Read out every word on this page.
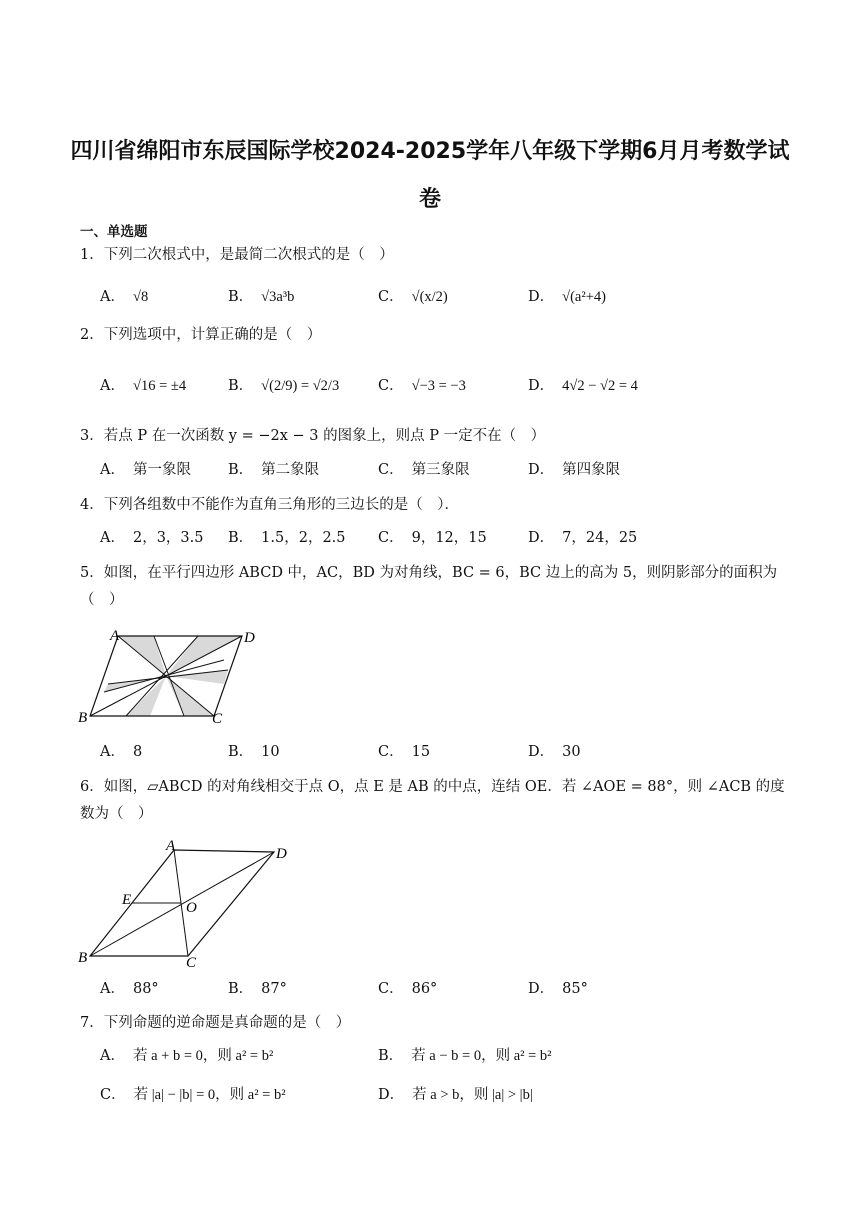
四川省绵阳市东辰国际学校2024-2025学年八年级下学期6月月考数学试
卷
一、单选题
1．下列二次根式中，是最简二次根式的是（　）
A． √8	B． √3a³b	C． √(x/2)	D． √(a²+4)
2．下列选项中，计算正确的是（　）
A． √16 = ±4	B． √(2/9) = √2/3	C． √−3 = −3	D． 4√2 − √2 = 4
3．若点 P 在一次函数 y = −2x − 3 的图象上，则点 P 一定不在（　）
A． 第一象限	B． 第二象限	C． 第三象限	D． 第四象限
4．下列各组数中不能作为直角三角形的三边长的是（　）．
A． 2，3，3.5 B． 1.5，2，2.5 C． 9，12，15	D． 7，24，25
5．如图，在平行四边形 ABCD 中，AC，BD 为对角线，BC = 6，BC 边上的高为 5，则阴影部分的面积为（　）
A	D
B	C
A． 8	B． 10	C． 15	D． 30
6．如图，▱ABCD 的对角线相交于点 O，点 E 是 AB 的中点，连结 OE．若 ∠AOE = 88°，则 ∠ACB 的度数为（　）
A	D
B	C
E	O
A． 88°	B． 87°	C． 86°	D． 85°
7．下列命题的逆命题是真命题的是（　）
A． 若 a + b = 0，则 a² = b²	B． 若 a − b = 0，则 a² = b²
C． 若 |a| − |b| = 0，则 a² = b²	D． 若 a > b，则 |a| > |b|
